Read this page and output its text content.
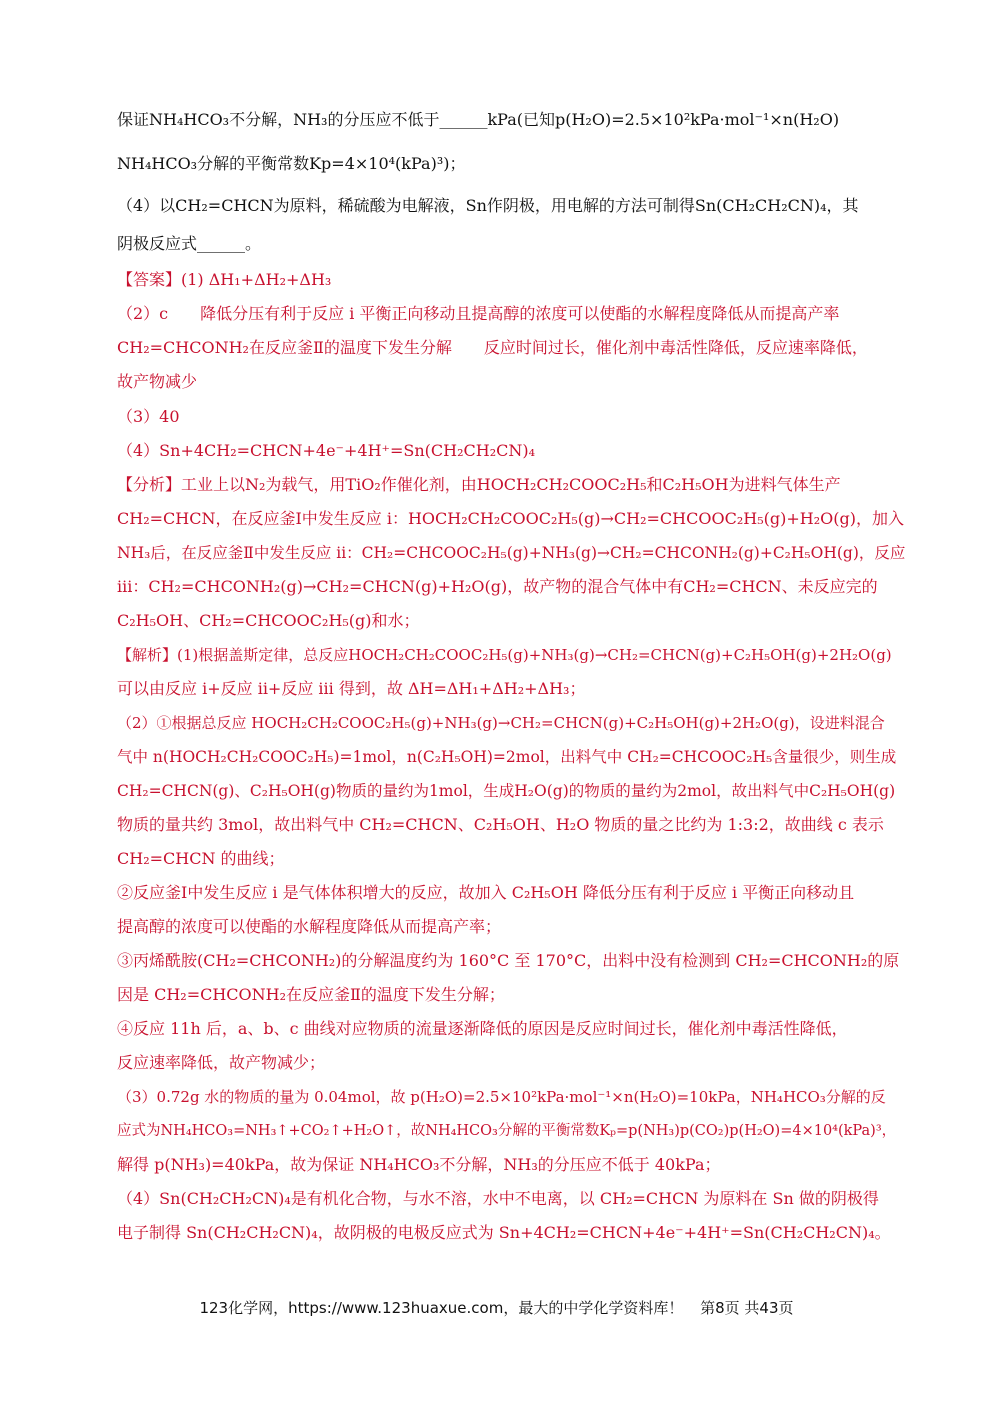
保证NH₄HCO₃不分解，NH₃的分压应不低于______kPa(已知p(H₂O)=2.5×10²kPa·mol⁻¹×n(H₂O)
NH₄HCO₃分解的平衡常数Kp=4×10⁴(kPa)³)；
（4）以CH₂=CHCN为原料，稀硫酸为电解液，Sn作阴极，用电解的方法可制得Sn(CH₂CH₂CN)₄，其
阴极反应式______。
【答案】(1) ΔH₁+ΔH₂+ΔH₃
（2）c　　降低分压有利于反应 i 平衡正向移动且提高醇的浓度可以使酯的水解程度降低从而提高产率
CH₂=CHCONH₂在反应釜Ⅱ的温度下发生分解　　反应时间过长，催化剂中毒活性降低，反应速率降低，
故产物减少
（3）40
（4）Sn+4CH₂=CHCN+4e⁻+4H⁺=Sn(CH₂CH₂CN)₄
【分析】工业上以N₂为载气，用TiO₂作催化剂，由HOCH₂CH₂COOC₂H₅和C₂H₅OH为进料气体生产
CH₂=CHCN，在反应釜Ⅰ中发生反应 i：HOCH₂CH₂COOC₂H₅(g)→CH₂=CHCOOC₂H₅(g)+H₂O(g)，加入
NH₃后，在反应釜Ⅱ中发生反应 ii：CH₂=CHCOOC₂H₅(g)+NH₃(g)→CH₂=CHCONH₂(g)+C₂H₅OH(g)，反应
iii：CH₂=CHCONH₂(g)→CH₂=CHCN(g)+H₂O(g)，故产物的混合气体中有CH₂=CHCN、未反应完的
C₂H₅OH、CH₂=CHCOOC₂H₅(g)和水；
【解析】(1)根据盖斯定律，总反应HOCH₂CH₂COOC₂H₅(g)+NH₃(g)→CH₂=CHCN(g)+C₂H₅OH(g)+2H₂O(g)
可以由反应 i+反应 ii+反应 iii 得到，故 ΔH=ΔH₁+ΔH₂+ΔH₃；
（2）①根据总反应 HOCH₂CH₂COOC₂H₅(g)+NH₃(g)→CH₂=CHCN(g)+C₂H₅OH(g)+2H₂O(g)，设进料混合
气中 n(HOCH₂CH₂COOC₂H₅)=1mol，n(C₂H₅OH)=2mol，出料气中 CH₂=CHCOOC₂H₅含量很少，则生成
CH₂=CHCN(g)、C₂H₅OH(g)物质的量约为1mol，生成H₂O(g)的物质的量约为2mol，故出料气中C₂H₅OH(g)
物质的量共约 3mol，故出料气中 CH₂=CHCN、C₂H₅OH、H₂O 物质的量之比约为 1:3:2，故曲线 c 表示
CH₂=CHCN 的曲线；
②反应釜Ⅰ中发生反应 i 是气体体积增大的反应，故加入 C₂H₅OH 降低分压有利于反应 i 平衡正向移动且
提高醇的浓度可以使酯的水解程度降低从而提高产率；
③丙烯酰胺(CH₂=CHCONH₂)的分解温度约为 160°C 至 170°C，出料中没有检测到 CH₂=CHCONH₂的原
因是 CH₂=CHCONH₂在反应釜Ⅱ的温度下发生分解；
④反应 11h 后，a、b、c 曲线对应物质的流量逐渐降低的原因是反应时间过长，催化剂中毒活性降低，
反应速率降低，故产物减少；
（3）0.72g 水的物质的量为 0.04mol，故 p(H₂O)=2.5×10²kPa·mol⁻¹×n(H₂O)=10kPa，NH₄HCO₃分解的反
应式为NH₄HCO₃=NH₃↑+CO₂↑+H₂O↑，故NH₄HCO₃分解的平衡常数Kₚ=p(NH₃)p(CO₂)p(H₂O)=4×10⁴(kPa)³，
解得 p(NH₃)=40kPa，故为保证 NH₄HCO₃不分解，NH₃的分压应不低于 40kPa；
（4）Sn(CH₂CH₂CN)₄是有机化合物，与水不溶，水中不电离，以 CH₂=CHCN 为原料在 Sn 做的阴极得
电子制得 Sn(CH₂CH₂CN)₄，故阴极的电极反应式为 Sn+4CH₂=CHCN+4e⁻+4H⁺=Sn(CH₂CH₂CN)₄。
123化学网，https://www.123huaxue.com，最大的中学化学资料库！ 第8页 共43页
